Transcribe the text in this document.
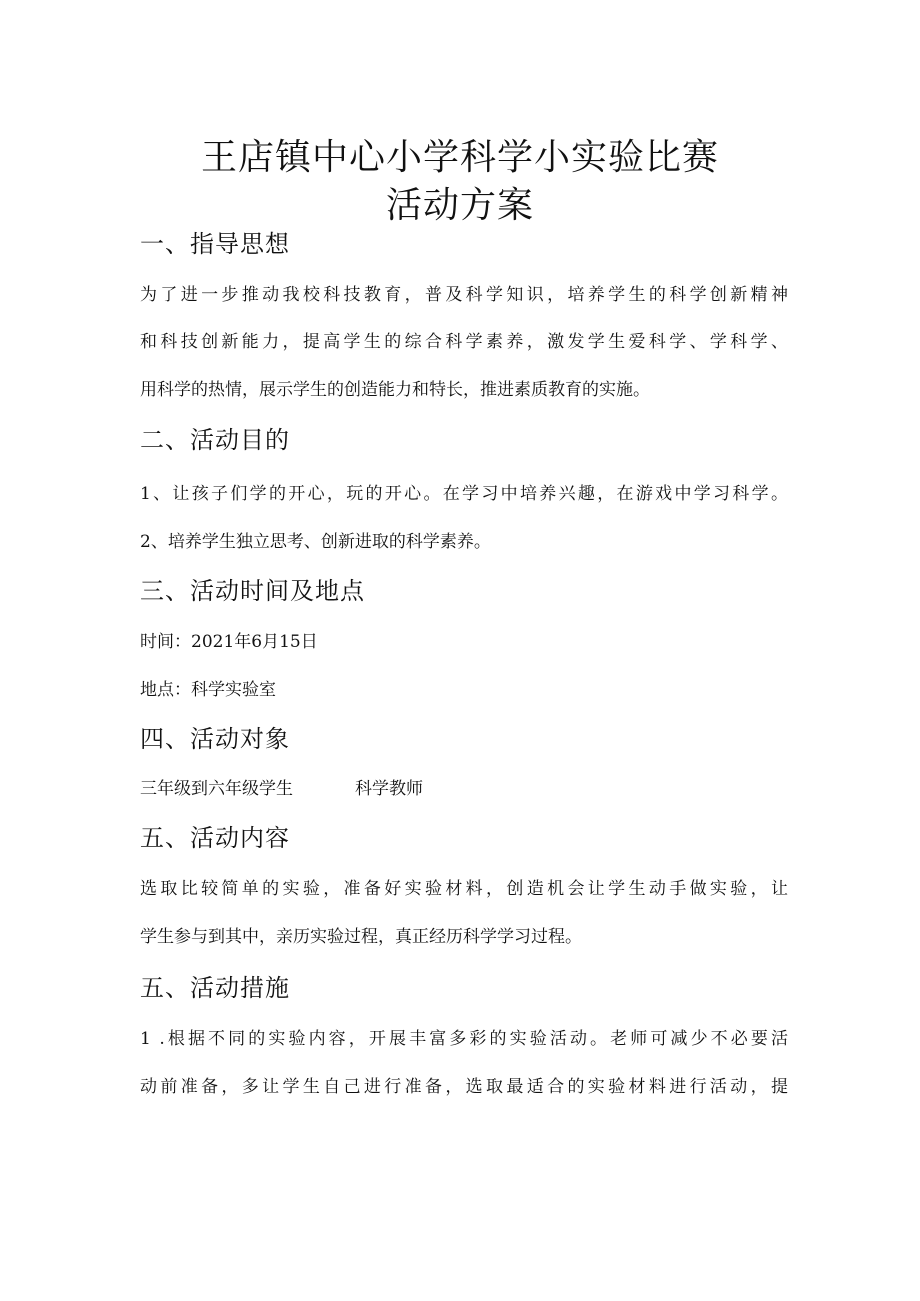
王店镇中心小学科学小实验比赛
活动方案
一、指导思想

为了进一步推动我校科技教育，普及科学知识，培养学生的科学创新精神

和科技创新能力，提高学生的综合科学素养，激发学生爱科学、学科学、

用科学的热情，展示学生的创造能力和特长，推进素质教育的实施。

二、活动目的

1、让孩子们学的开心，玩的开心。在学习中培养兴趣，在游戏中学习科学。

2、培养学生独立思考、创新进取的科学素养。

三、活动时间及地点

时间：2021年6月15日

地点：科学实验室

四、活动对象

三年级到六年级学生	科学教师

五、活动内容

选取比较简单的实验，准备好实验材料，创造机会让学生动手做实验，让

学生参与到其中，亲历实验过程，真正经历科学学习过程。

五、活动措施

1 .根据不同的实验内容，开展丰富多彩的实验活动。老师可减少不必要活

动前准备，多让学生自己进行准备，选取最适合的实验材料进行活动，提
